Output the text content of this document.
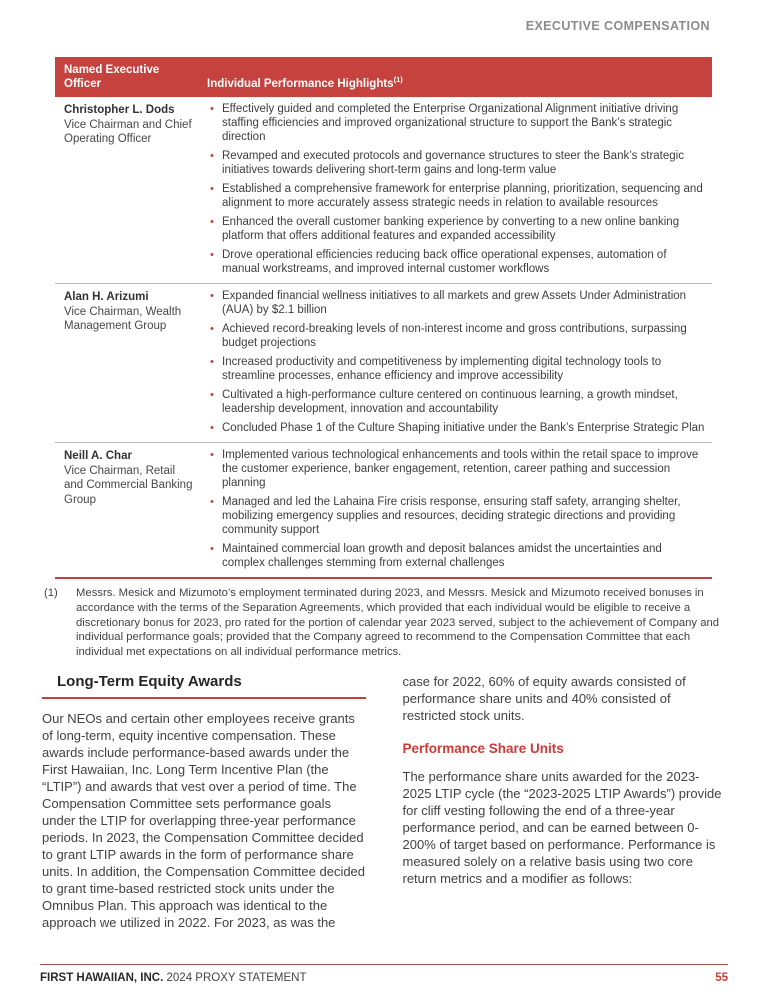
EXECUTIVE COMPENSATION
Named Executive Officer	Individual Performance Highlights$^{(1)}$
Christopher L. Dods
Vice Chairman and Chief Operating Officer
• Effectively guided and completed the Enterprise Organizational Alignment initiative driving staffing efficiencies and improved organizational structure to support the Bank’s strategic direction
• Revamped and executed protocols and governance structures to steer the Bank’s strategic initiatives towards delivering short-term gains and long-term value
• Established a comprehensive framework for enterprise planning, prioritization, sequencing and alignment to more accurately assess strategic needs in relation to available resources
• Enhanced the overall customer banking experience by converting to a new online banking platform that offers additional features and expanded accessibility
• Drove operational efficiencies reducing back office operational expenses, automation of manual workstreams, and improved internal customer workflows
Alan H. Arizumi
Vice Chairman, Wealth Management Group
• Expanded financial wellness initiatives to all markets and grew Assets Under Administration (AUA) by $2.1 billion
• Achieved record-breaking levels of non-interest income and gross contributions, surpassing budget projections
• Increased productivity and competitiveness by implementing digital technology tools to streamline processes, enhance efficiency and improve accessibility
• Cultivated a high-performance culture centered on continuous learning, a growth mindset, leadership development, innovation and accountability
• Concluded Phase 1 of the Culture Shaping initiative under the Bank’s Enterprise Strategic Plan
Neill A. Char
Vice Chairman, Retail and Commercial Banking Group
• Implemented various technological enhancements and tools within the retail space to improve the customer experience, banker engagement, retention, career pathing and succession planning
• Managed and led the Lahaina Fire crisis response, ensuring staff safety, arranging shelter, mobilizing emergency supplies and resources, deciding strategic directions and providing community support
• Maintained commercial loan growth and deposit balances amidst the uncertainties and complex challenges stemming from external challenges
(1)	Messrs. Mesick and Mizumoto’s employment terminated during 2023, and Messrs. Mesick and Mizumoto received bonuses in accordance with the terms of the Separation Agreements, which provided that each individual would be eligible to receive a discretionary bonus for 2023, pro rated for the portion of calendar year 2023 served, subject to the achievement of Company and individual performance goals; provided that the Company agreed to recommend to the Compensation Committee that each individual met expectations on all individual performance metrics.
Long-Term Equity Awards

Our NEOs and certain other employees receive grants of long-term, equity incentive compensation. These awards include performance-based awards under the First Hawaiian, Inc. Long Term Incentive Plan (the “LTIP”) and awards that vest over a period of time. The Compensation Committee sets performance goals under the LTIP for overlapping three-year performance periods. In 2023, the Compensation Committee decided to grant LTIP awards in the form of performance share units. In addition, the Compensation Committee decided to grant time-based restricted stock units under the Omnibus Plan. This approach was identical to the approach we utilized in 2022. For 2023, as was the

case for 2022, 60% of equity awards consisted of performance share units and 40% consisted of restricted stock units.

Performance Share Units

The performance share units awarded for the 2023-2025 LTIP cycle (the “2023-2025 LTIP Awards”) provide for cliff vesting following the end of a three-year performance period, and can be earned between 0-200% of target based on performance. Performance is measured solely on a relative basis using two core return metrics and a modifier as follows:

FIRST HAWAIIAN, INC. 2024 PROXY STATEMENT	55
